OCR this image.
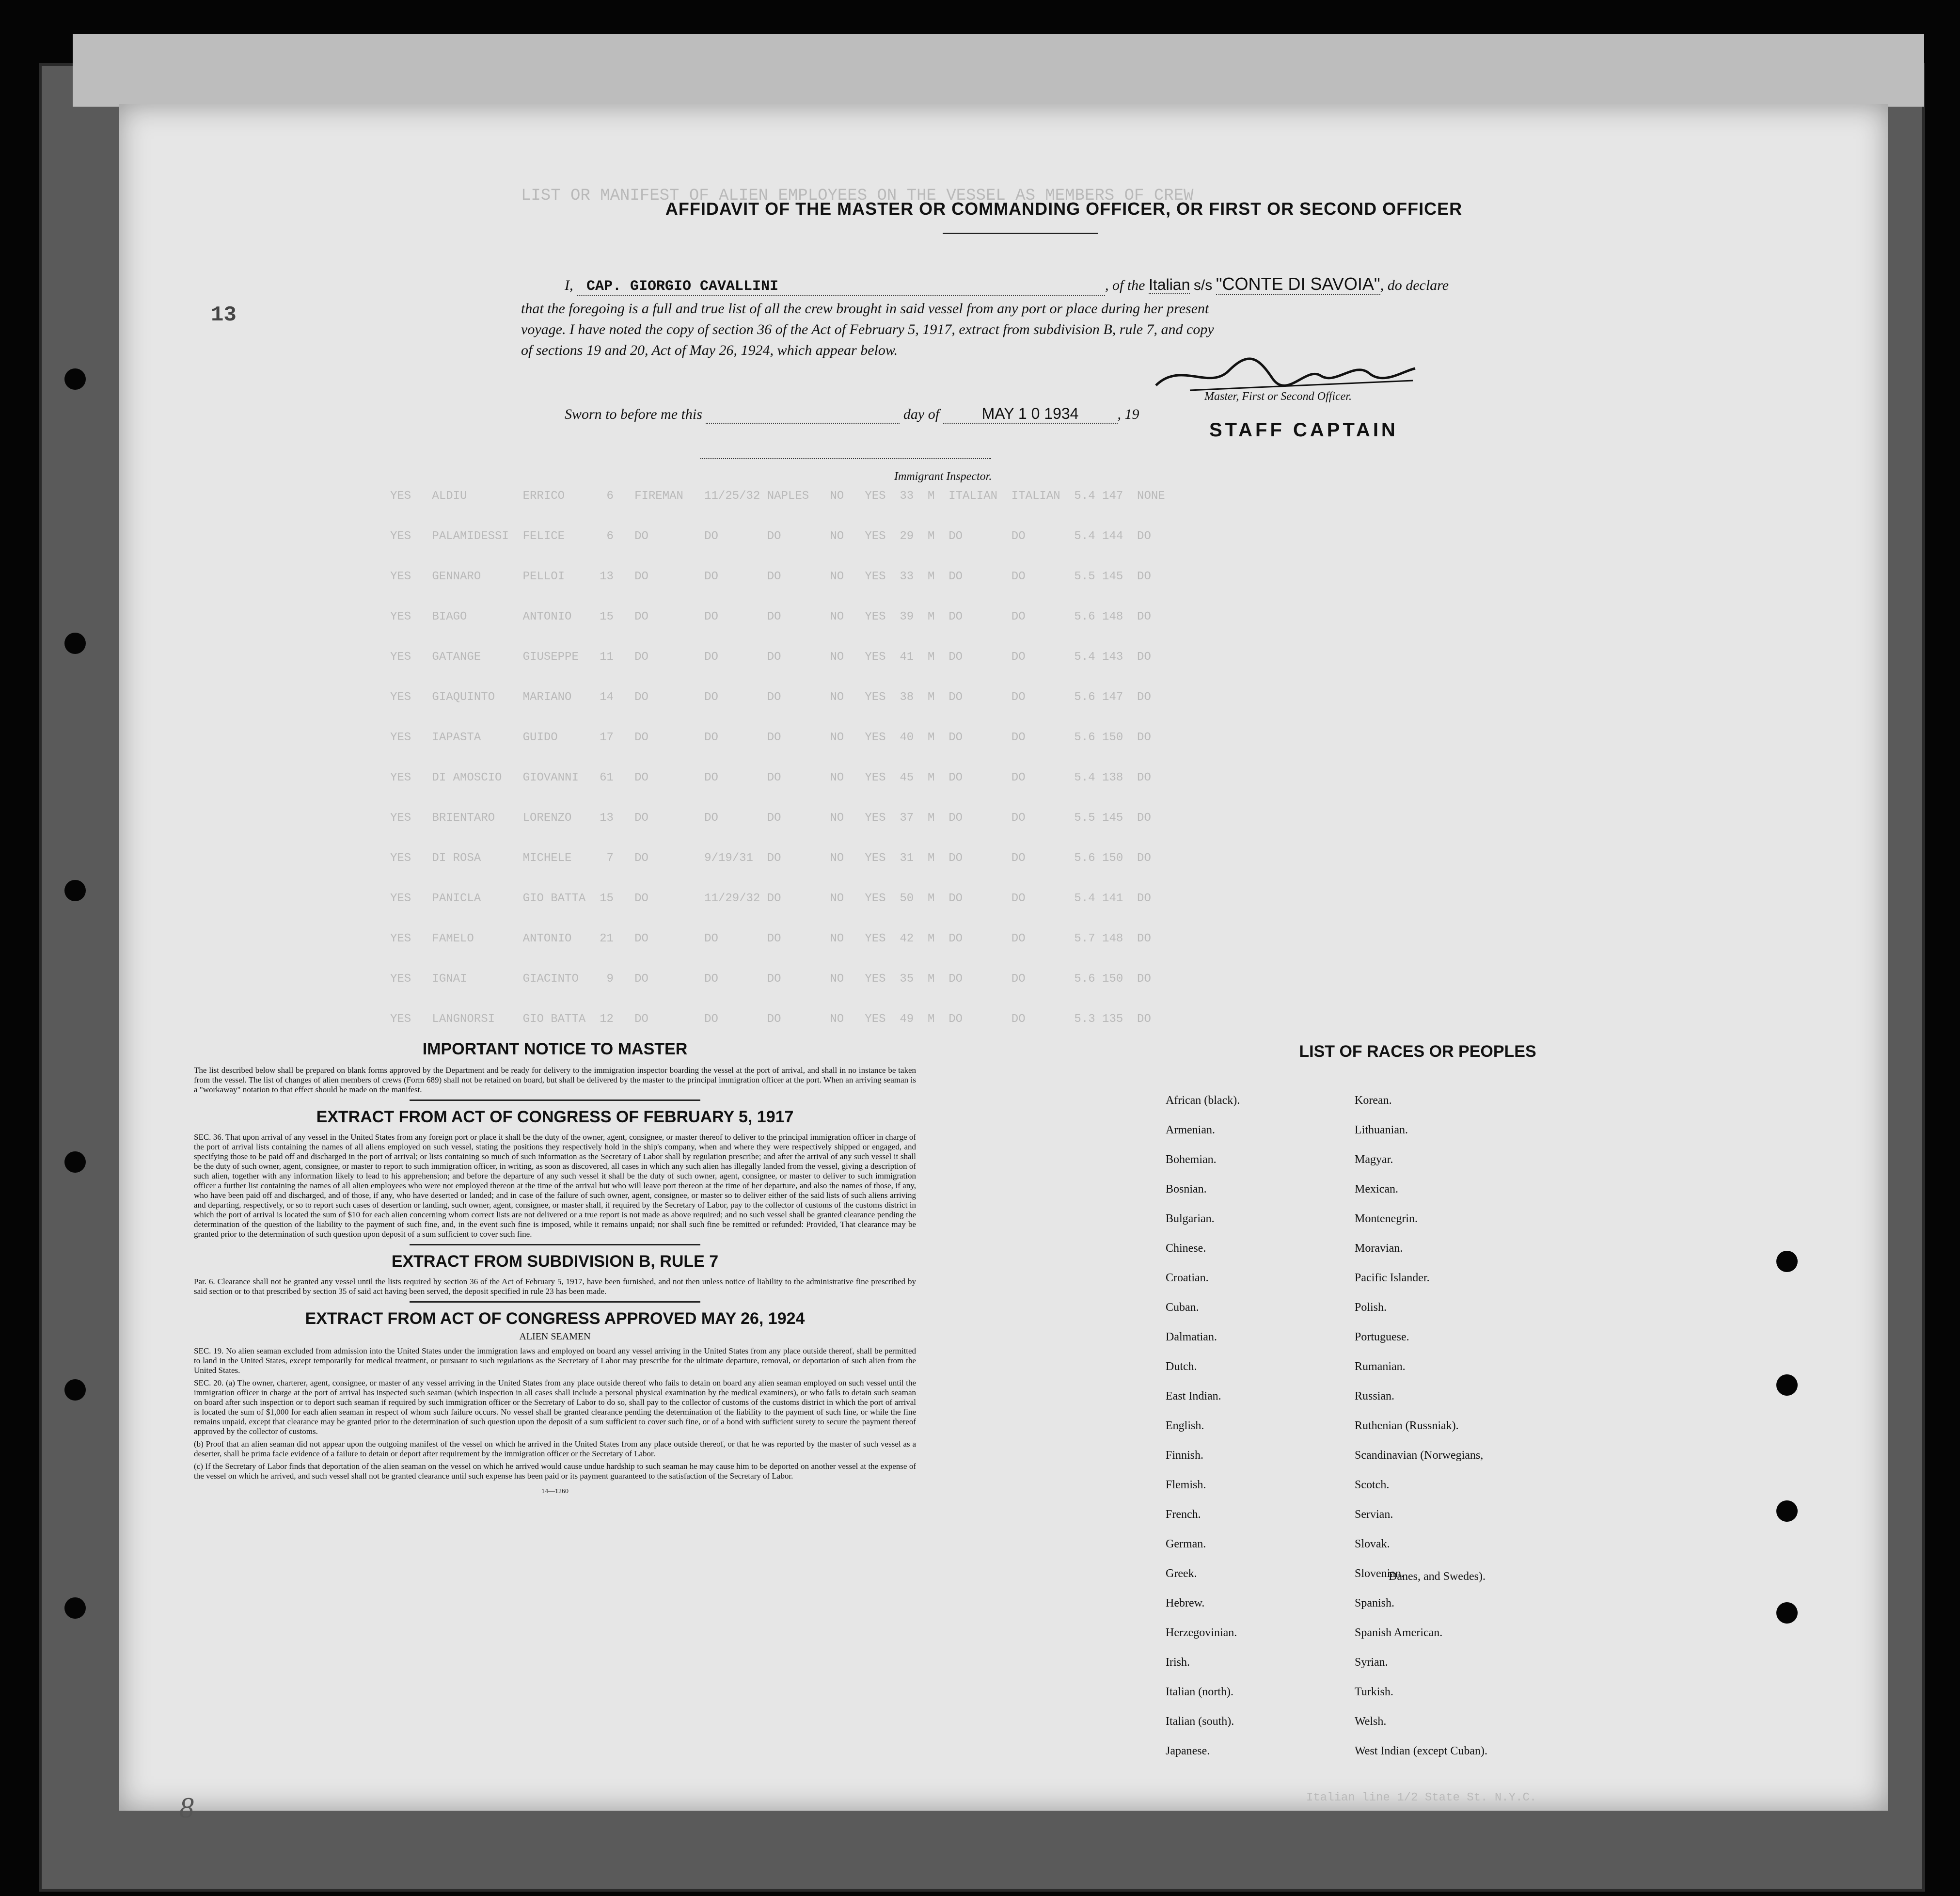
LIST OR MANIFEST OF ALIEN EMPLOYEES ON THE VESSEL AS MEMBERS OF CREW
YES   ALDIU        ERRICO      6   FIREMAN   11/25/32 NAPLES   NO   YES  33  M  ITALIAN  ITALIAN  5.4 147  NONE
YES   PALAMIDESSI  FELICE      6   DO        DO       DO       NO   YES  29  M  DO       DO       5.4 144  DO
YES   GENNARO      PELLOI     13   DO        DO       DO       NO   YES  33  M  DO       DO       5.5 145  DO
YES   BIAGO        ANTONIO    15   DO        DO       DO       NO   YES  39  M  DO       DO       5.6 148  DO
YES   GATANGE      GIUSEPPE   11   DO        DO       DO       NO   YES  41  M  DO       DO       5.4 143  DO
YES   GIAQUINTO    MARIANO    14   DO        DO       DO       NO   YES  38  M  DO       DO       5.6 147  DO
YES   IAPASTA      GUIDO      17   DO        DO       DO       NO   YES  40  M  DO       DO       5.6 150  DO
YES   DI AMOSCIO   GIOVANNI   61   DO        DO       DO       NO   YES  45  M  DO       DO       5.4 138  DO
YES   BRIENTARO    LORENZO    13   DO        DO       DO       NO   YES  37  M  DO       DO       5.5 145  DO
YES   DI ROSA      MICHELE     7   DO        9/19/31  DO       NO   YES  31  M  DO       DO       5.6 150  DO
YES   PANICLA      GIO BATTA  15   DO        11/29/32 DO       NO   YES  50  M  DO       DO       5.4 141  DO
YES   FAMELO       ANTONIO    21   DO        DO       DO       NO   YES  42  M  DO       DO       5.7 148  DO
YES   IGNAI        GIACINTO    9   DO        DO       DO       NO   YES  35  M  DO       DO       5.6 150  DO
YES   LANGNORSI    GIO BATTA  12   DO        DO       DO       NO   YES  49  M  DO       DO       5.3 135  DO
Italian line 1/2 State St. N.Y.C.
13
AFFIDAVIT OF THE MASTER OR COMMANDING OFFICER, OR FIRST OR SECOND OFFICER
I, CAP. GIORGIO CAVALLINI	, of the Italian s/s "CONTE DI SAVOIA", do declare
that the foregoing is a full and true list of all the crew brought in said vessel from any port or place during her present
voyage. I have noted the copy of section 36 of the Act of February 5, 1917, extract from subdivision B, rule 7, and copy
of sections 19 and 20, Act of May 26, 1924, which appear below.
Master, First or Second Officer.
Sworn to before me this	day of	MAY 1 0 1934	, 19
STAFF CAPTAIN
Immigrant Inspector.
IMPORTANT NOTICE TO MASTER

The list described below shall be prepared on blank forms approved by the Department and be ready for delivery to the immigration inspector boarding the vessel at the port of arrival, and shall in no instance be taken from the vessel. The list of changes of alien members of crews (Form 689) shall not be retained on board, but shall be delivered by the master to the principal immigration officer at the port. When an arriving seaman is a "workaway" notation to that effect should be made on the manifest.

EXTRACT FROM ACT OF CONGRESS OF FEBRUARY 5, 1917

SEC. 36. That upon arrival of any vessel in the United States from any foreign port or place it shall be the duty of the owner, agent, consignee, or master thereof to deliver to the principal immigration officer in charge of the port of arrival lists containing the names of all aliens employed on such vessel, stating the positions they respectively hold in the ship's company, when and where they were respectively shipped or engaged, and specifying those to be paid off and discharged in the port of arrival; or lists containing so much of such information as the Secretary of Labor shall by regulation prescribe; and after the arrival of any such vessel it shall be the duty of such owner, agent, consignee, or master to report to such immigration officer, in writing, as soon as discovered, all cases in which any such alien has illegally landed from the vessel, giving a description of such alien, together with any information likely to lead to his apprehension; and before the departure of any such vessel it shall be the duty of such owner, agent, consignee, or master to deliver to such immigration officer a further list containing the names of all alien employees who were not employed thereon at the time of the arrival but who will leave port thereon at the time of her departure, and also the names of those, if any, who have been paid off and discharged, and of those, if any, who have deserted or landed; and in case of the failure of such owner, agent, consignee, or master so to deliver either of the said lists of such aliens arriving and departing, respectively, or so to report such cases of desertion or landing, such owner, agent, consignee, or master shall, if required by the Secretary of Labor, pay to the collector of customs of the customs district in which the port of arrival is located the sum of $10 for each alien concerning whom correct lists are not delivered or a true report is not made as above required; and no such vessel shall be granted clearance pending the determination of the question of the liability to the payment of such fine, and, in the event such fine is imposed, while it remains unpaid; nor shall such fine be remitted or refunded: Provided, That clearance may be granted prior to the determination of such question upon deposit of a sum sufficient to cover such fine.

EXTRACT FROM SUBDIVISION B, RULE 7

Par. 6. Clearance shall not be granted any vessel until the lists required by section 36 of the Act of February 5, 1917, have been furnished, and not then unless notice of liability to the administrative fine prescribed by said section or to that prescribed by section 35 of said act having been served, the deposit specified in rule 23 has been made.

EXTRACT FROM ACT OF CONGRESS APPROVED MAY 26, 1924
ALIEN SEAMEN

SEC. 19. No alien seaman excluded from admission into the United States under the immigration laws and employed on board any vessel arriving in the United States from any place outside thereof, shall be permitted to land in the United States, except temporarily for medical treatment, or pursuant to such regulations as the Secretary of Labor may prescribe for the ultimate departure, removal, or deportation of such alien from the United States.

SEC. 20. (a) The owner, charterer, agent, consignee, or master of any vessel arriving in the United States from any place outside thereof who fails to detain on board any alien seaman employed on such vessel until the immigration officer in charge at the port of arrival has inspected such seaman (which inspection in all cases shall include a personal physical examination by the medical examiners), or who fails to detain such seaman on board after such inspection or to deport such seaman if required by such immigration officer or the Secretary of Labor to do so, shall pay to the collector of customs of the customs district in which the port of arrival is located the sum of $1,000 for each alien seaman in respect of whom such failure occurs. No vessel shall be granted clearance pending the determination of the liability to the payment of such fine, or while the fine remains unpaid, except that clearance may be granted prior to the determination of such question upon the deposit of a sum sufficient to cover such fine, or of a bond with sufficient surety to secure the payment thereof approved by the collector of customs.

(b) Proof that an alien seaman did not appear upon the outgoing manifest of the vessel on which he arrived in the United States from any place outside thereof, or that he was reported by the master of such vessel as a deserter, shall be prima facie evidence of a failure to detain or deport after requirement by the immigration officer or the Secretary of Labor.

(c) If the Secretary of Labor finds that deportation of the alien seaman on the vessel on which he arrived would cause undue hardship to such seaman he may cause him to be deported on another vessel at the expense of the vessel on which he arrived, and such vessel shall not be granted clearance until such expense has been paid or its payment guaranteed to the satisfaction of the Secretary of Labor.

14—1260
LIST OF RACES OR PEOPLES
African (black).
Armenian.
Bohemian.
Bosnian.
Bulgarian.
Chinese.
Croatian.
Cuban.
Dalmatian.
Dutch.
East Indian.
English.
Finnish.
Flemish.
French.
German.
Greek.
Hebrew.
Herzegovinian.
Irish.
Italian (north).
Italian (south).
Japanese.
Korean.
Lithuanian.
Magyar.
Mexican.
Montenegrin.
Moravian.
Pacific Islander.
Polish.
Portuguese.
Rumanian.
Russian.
Ruthenian (Russniak).
Scandinavian (Norwegians,
Scotch.
Servian.
Slovak.
Slovenian.
Spanish.
Spanish American.
Syrian.
Turkish.
Welsh.
West Indian (except Cuban).
Danes, and Swedes).
8
